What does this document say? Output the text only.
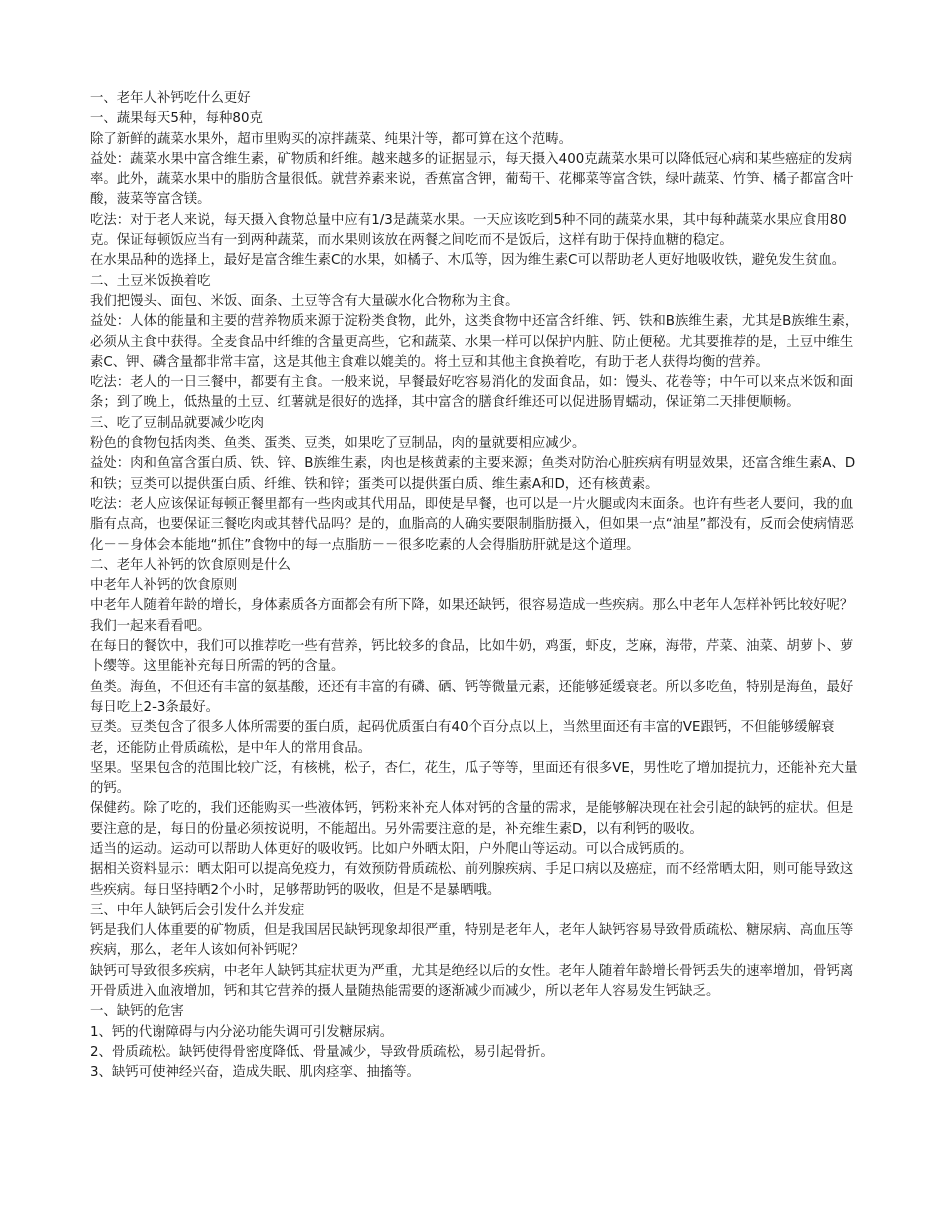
一、老年人补钙吃什么更好

一、蔬果每天5种，每种80克

除了新鲜的蔬菜水果外，超市里购买的凉拌蔬菜、纯果汁等，都可算在这个范畴。

益处：蔬菜水果中富含维生素，矿物质和纤维。越来越多的证据显示，每天摄入400克蔬菜水果可以降低冠心病和某些癌症的发病率。此外，蔬菜水果中的脂肪含量很低。就营养素来说，香蕉富含钾，葡萄干、花椰菜等富含铁，绿叶蔬菜、竹笋、橘子都富含叶酸，菠菜等富含镁。

吃法：对于老人来说，每天摄入食物总量中应有1/3是蔬菜水果。一天应该吃到5种不同的蔬菜水果，其中每种蔬菜水果应食用80克。保证每顿饭应当有一到两种蔬菜，而水果则该放在两餐之间吃而不是饭后，这样有助于保持血糖的稳定。

在水果品种的选择上，最好是富含维生素C的水果，如橘子、木瓜等，因为维生素C可以帮助老人更好地吸收铁，避免发生贫血。

二、土豆米饭换着吃

我们把馒头、面包、米饭、面条、土豆等含有大量碳水化合物称为主食。

益处：人体的能量和主要的营养物质来源于淀粉类食物，此外，这类食物中还富含纤维、钙、铁和B族维生素，尤其是B族维生素，必须从主食中获得。全麦食品中纤维的含量更高些，它和蔬菜、水果一样可以保护内脏、防止便秘。尤其要推荐的是，土豆中维生素C、钾、磷含量都非常丰富，这是其他主食难以媲美的。将土豆和其他主食换着吃，有助于老人获得均衡的营养。

吃法：老人的一日三餐中，都要有主食。一般来说，早餐最好吃容易消化的发面食品，如：馒头、花卷等；中午可以来点米饭和面条；到了晚上，低热量的土豆、红薯就是很好的选择，其中富含的膳食纤维还可以促进肠胃蠕动，保证第二天排便顺畅。

三、吃了豆制品就要减少吃肉

粉色的食物包括肉类、鱼类、蛋类、豆类，如果吃了豆制品，肉的量就要相应减少。

益处：肉和鱼富含蛋白质、铁、锌、B族维生素，肉也是核黄素的主要来源；鱼类对防治心脏疾病有明显效果，还富含维生素A、D和铁；豆类可以提供蛋白质、纤维、铁和锌；蛋类可以提供蛋白质、维生素A和D，还有核黄素。

吃法：老人应该保证每顿正餐里都有一些肉或其代用品，即使是早餐，也可以是一片火腿或肉末面条。也许有些老人要问，我的血脂有点高，也要保证三餐吃肉或其替代品吗？是的，血脂高的人确实要限制脂肪摄入，但如果一点“油星”都没有，反而会使病情恶化－－身体会本能地“抓住”食物中的每一点脂肪－－很多吃素的人会得脂肪肝就是这个道理。

二、老年人补钙的饮食原则是什么

中老年人补钙的饮食原则

中老年人随着年龄的增长，身体素质各方面都会有所下降，如果还缺钙，很容易造成一些疾病。那么中老年人怎样补钙比较好呢？我们一起来看看吧。

在每日的餐饮中，我们可以推荐吃一些有营养，钙比较多的食品，比如牛奶，鸡蛋，虾皮，芝麻，海带，芹菜、油菜、胡萝卜、萝卜缨等。这里能补充每日所需的钙的含量。

鱼类。海鱼，不但还有丰富的氨基酸，还还有丰富的有磷、硒、钙等微量元素，还能够延缓衰老。所以多吃鱼，特别是海鱼，最好每日吃上2-3条最好。

豆类。豆类包含了很多人体所需要的蛋白质，起码优质蛋白有40个百分点以上，当然里面还有丰富的VE跟钙，不但能够缓解衰老，还能防止骨质疏松，是中年人的常用食品。

坚果。坚果包含的范围比较广泛，有核桃，松子，杏仁，花生，瓜子等等，里面还有很多VE，男性吃了增加提抗力，还能补充大量的钙。

保健药。除了吃的，我们还能购买一些液体钙，钙粉来补充人体对钙的含量的需求，是能够解决现在社会引起的缺钙的症状。但是要注意的是，每日的份量必须按说明，不能超出。另外需要注意的是，补充维生素D，以有利钙的吸收。

适当的运动。运动可以帮助人体更好的吸收钙。比如户外晒太阳，户外爬山等运动。可以合成钙质的。

据相关资料显示：晒太阳可以提高免疫力，有效预防骨质疏松、前列腺疾病、手足口病以及癌症，而不经常晒太阳，则可能导致这些疾病。每日坚持晒2个小时，足够帮助钙的吸收，但是不是暴晒哦。

三、中年人缺钙后会引发什么并发症

钙是我们人体重要的矿物质，但是我国居民缺钙现象却很严重，特别是老年人，老年人缺钙容易导致骨质疏松、糖尿病、高血压等疾病，那么，老年人该如何补钙呢？

缺钙可导致很多疾病，中老年人缺钙其症状更为严重，尤其是绝经以后的女性。老年人随着年龄增长骨钙丢失的速率增加，骨钙离开骨质进入血液增加，钙和其它营养的摄人量随热能需要的逐渐减少而减少，所以老年人容易发生钙缺乏。

一、缺钙的危害

1、钙的代谢障碍与内分泌功能失调可引发糖尿病。

2、骨质疏松。缺钙使得骨密度降低、骨量减少，导致骨质疏松，易引起骨折。

3、缺钙可使神经兴奋，造成失眠、肌肉痉挛、抽搐等。
